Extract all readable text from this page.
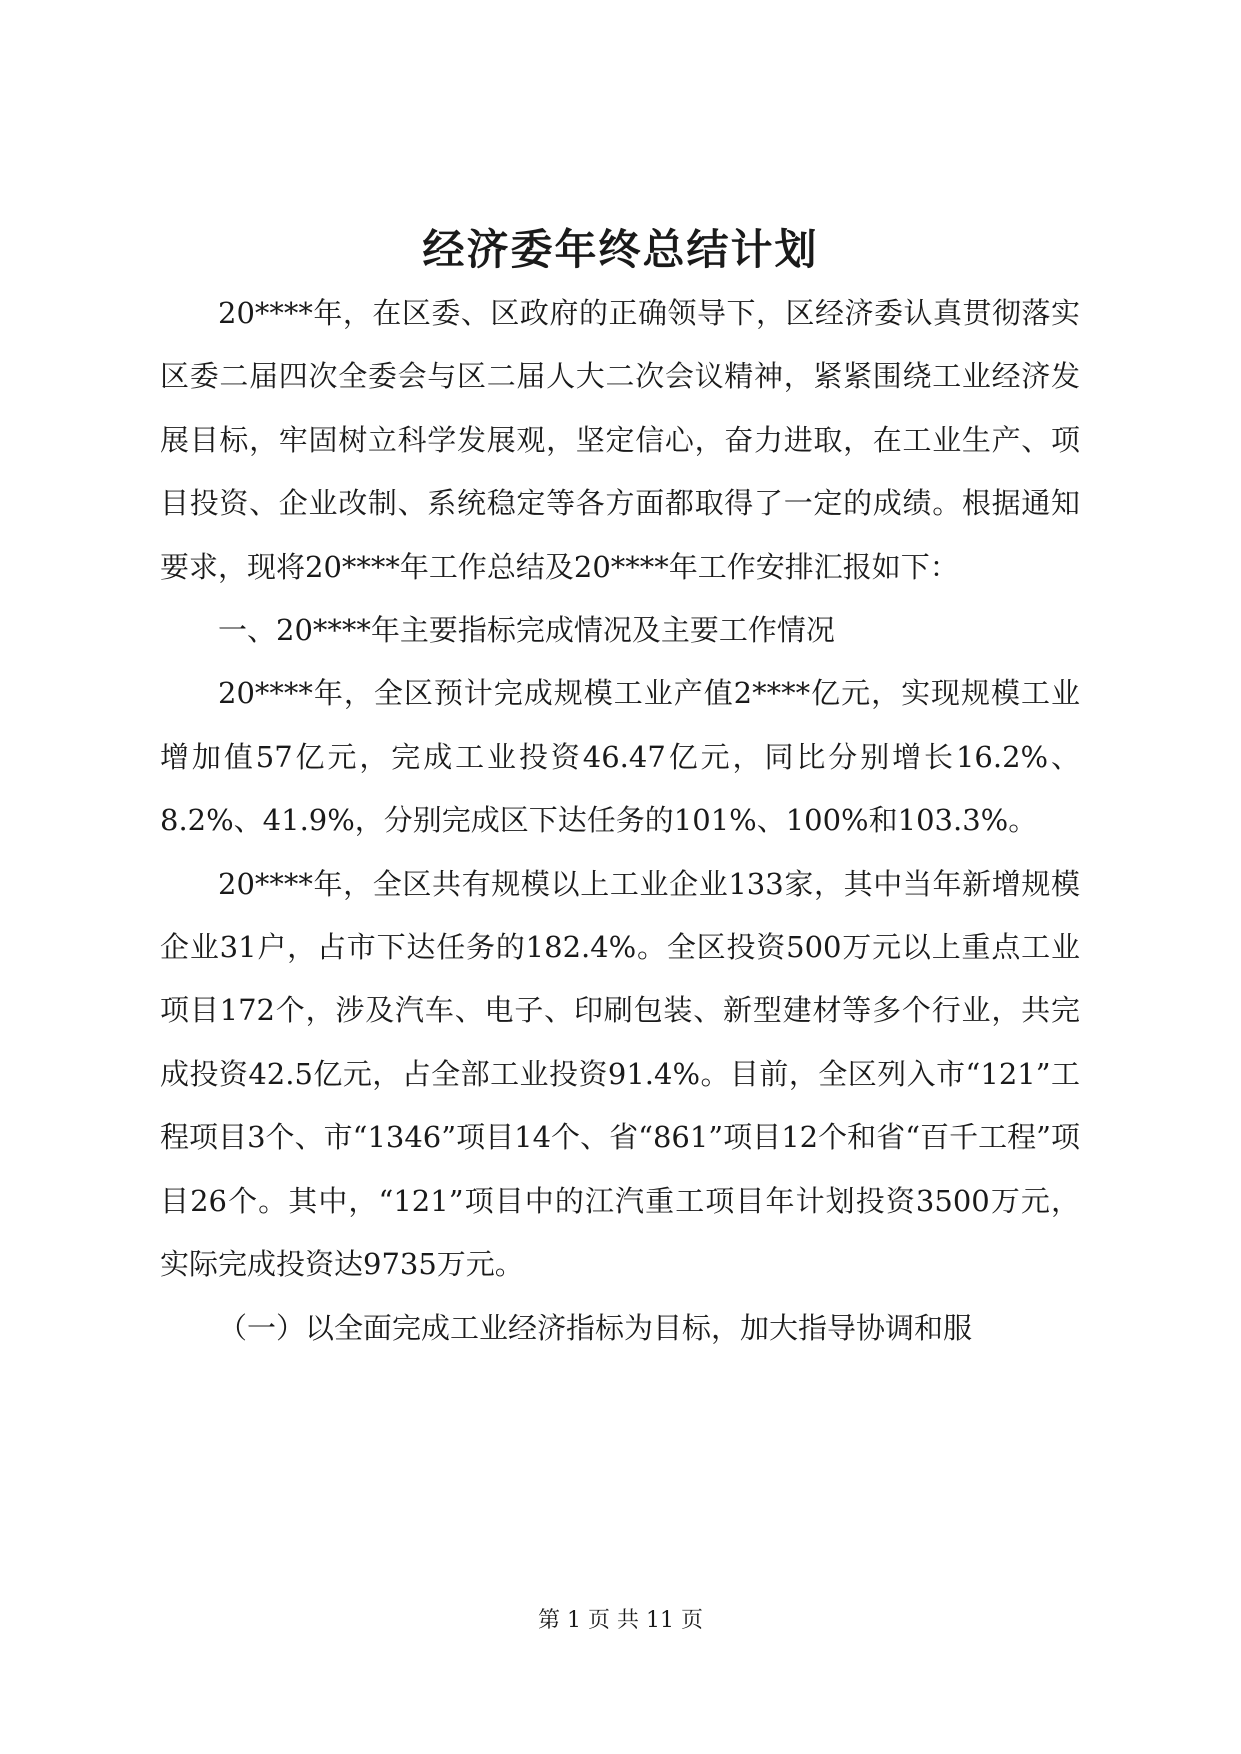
经济委年终总结计划

20****年，在区委、区政府的正确领导下，区经济委认真贯彻落实区委二届四次全委会与区二届人大二次会议精神，紧紧围绕工业经济发展目标，牢固树立科学发展观，坚定信心，奋力进取，在工业生产、项目投资、企业改制、系统稳定等各方面都取得了一定的成绩。根据通知要求，现将20****年工作总结及20****年工作安排汇报如下：

一、20****年主要指标完成情况及主要工作情况

20****年，全区预计完成规模工业产值2****亿元，实现规模工业增加值57亿元，完成工业投资46.47亿元，同比分别增长16.2%、8.2%、41.9%，分别完成区下达任务的101%、100%和103.3%。

20****年，全区共有规模以上工业企业133家，其中当年新增规模企业31户，占市下达任务的182.4%。全区投资500万元以上重点工业项目172个，涉及汽车、电子、印刷包装、新型建材等多个行业，共完成投资42.5亿元，占全部工业投资91.4%。目前，全区列入市“121”工程项目3个、市“1346”项目14个、省“861”项目12个和省“百千工程”项目26个。其中，“121”项目中的江汽重工项目年计划投资3500万元，实际完成投资达9735万元。

（一）以全面完成工业经济指标为目标，加大指导协调和服

第 1 页 共 11 页
